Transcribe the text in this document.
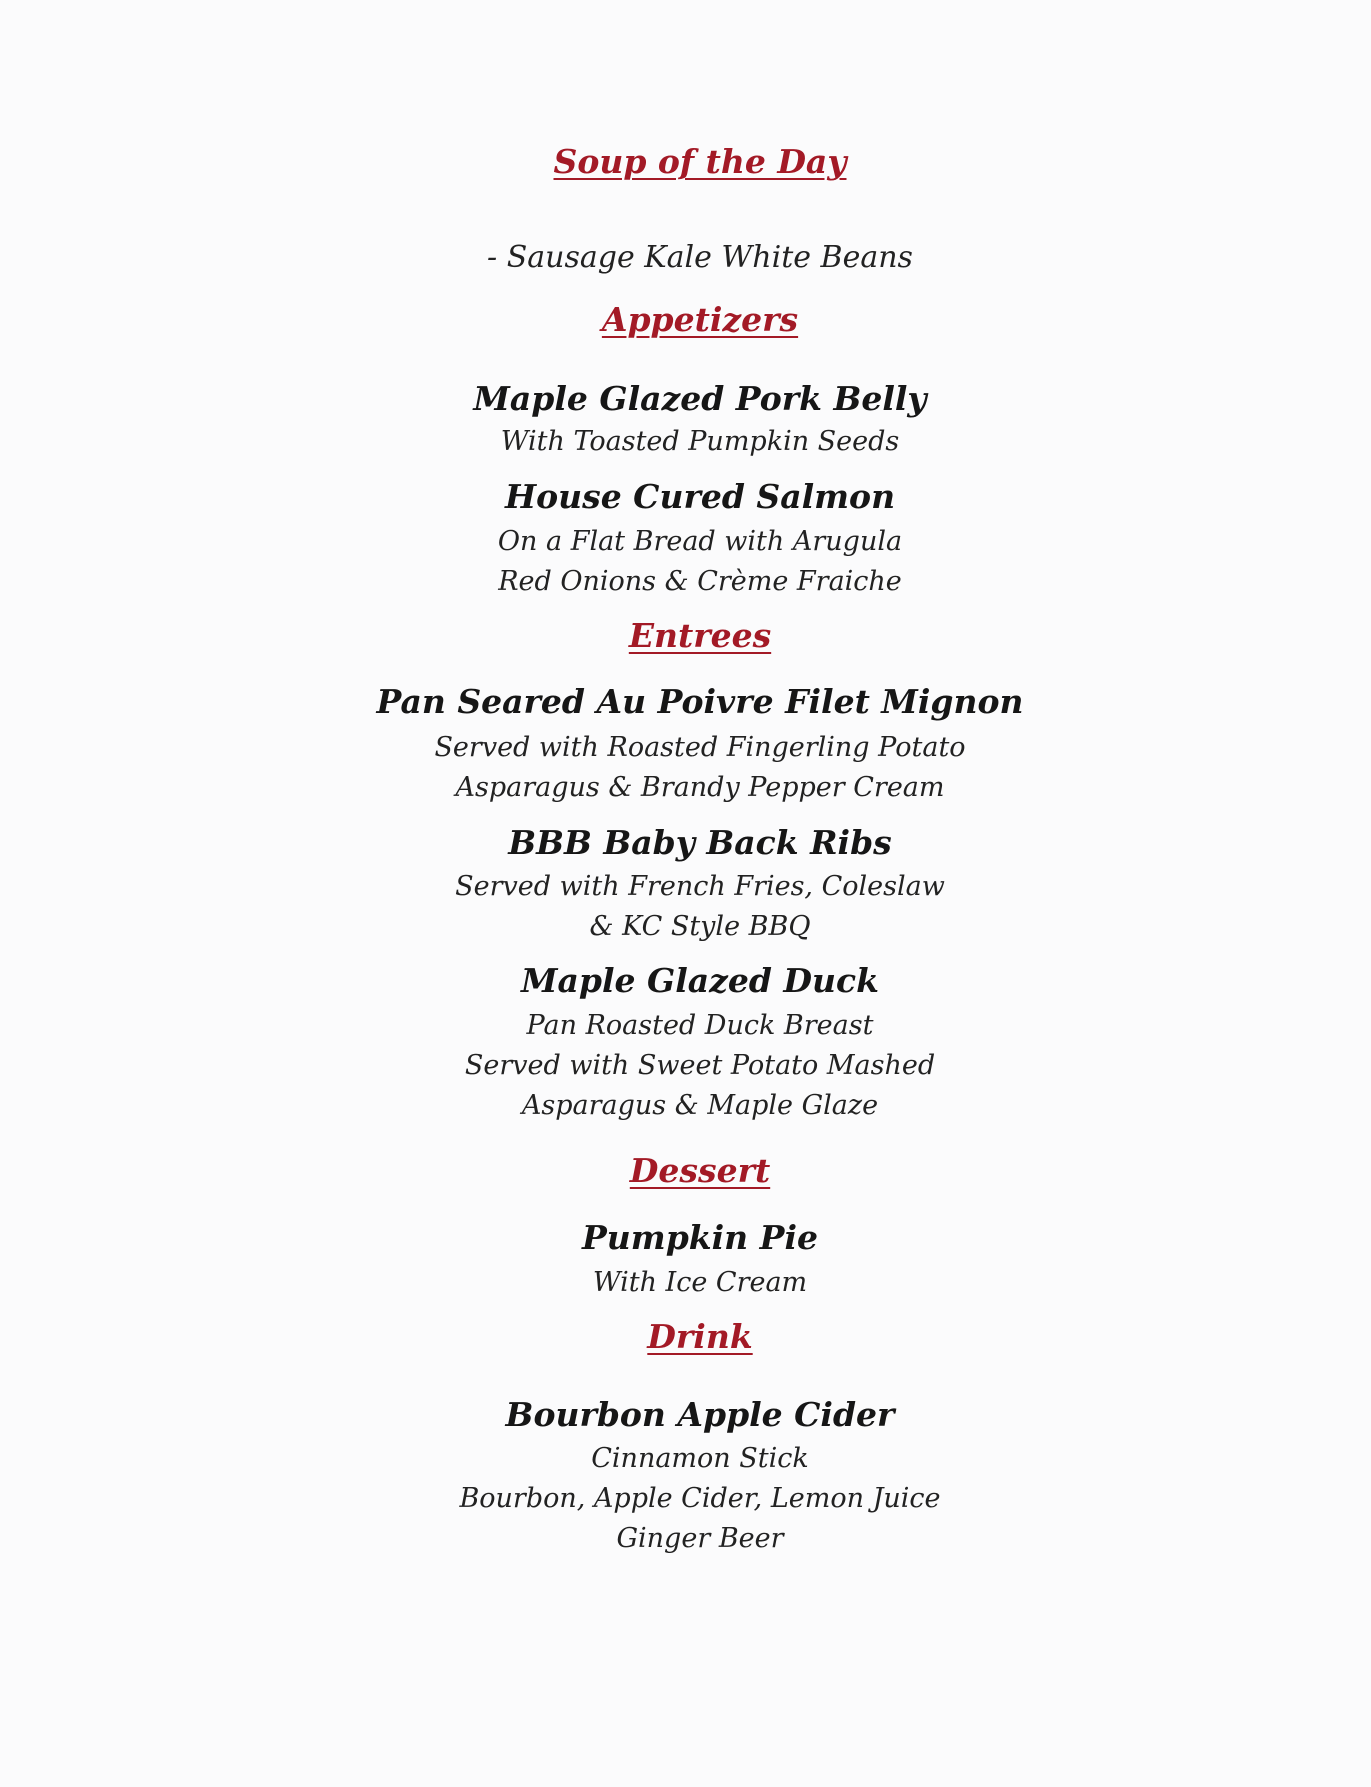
Soup of the Day
- Sausage Kale White Beans
Appetizers
Maple Glazed Pork Belly
With Toasted Pumpkin Seeds
House Cured Salmon
On a Flat Bread with Arugula
Red Onions & Crème Fraiche
Entrees
Pan Seared Au Poivre Filet Mignon
Served with Roasted Fingerling Potato
Asparagus & Brandy Pepper Cream
BBB Baby Back Ribs
Served with French Fries, Coleslaw
& KC Style BBQ
Maple Glazed Duck
Pan Roasted Duck Breast
Served with Sweet Potato Mashed
Asparagus & Maple Glaze
Dessert
Pumpkin Pie
With Ice Cream
Drink
Bourbon Apple Cider
Cinnamon Stick
Bourbon, Apple Cider, Lemon Juice
Ginger Beer
